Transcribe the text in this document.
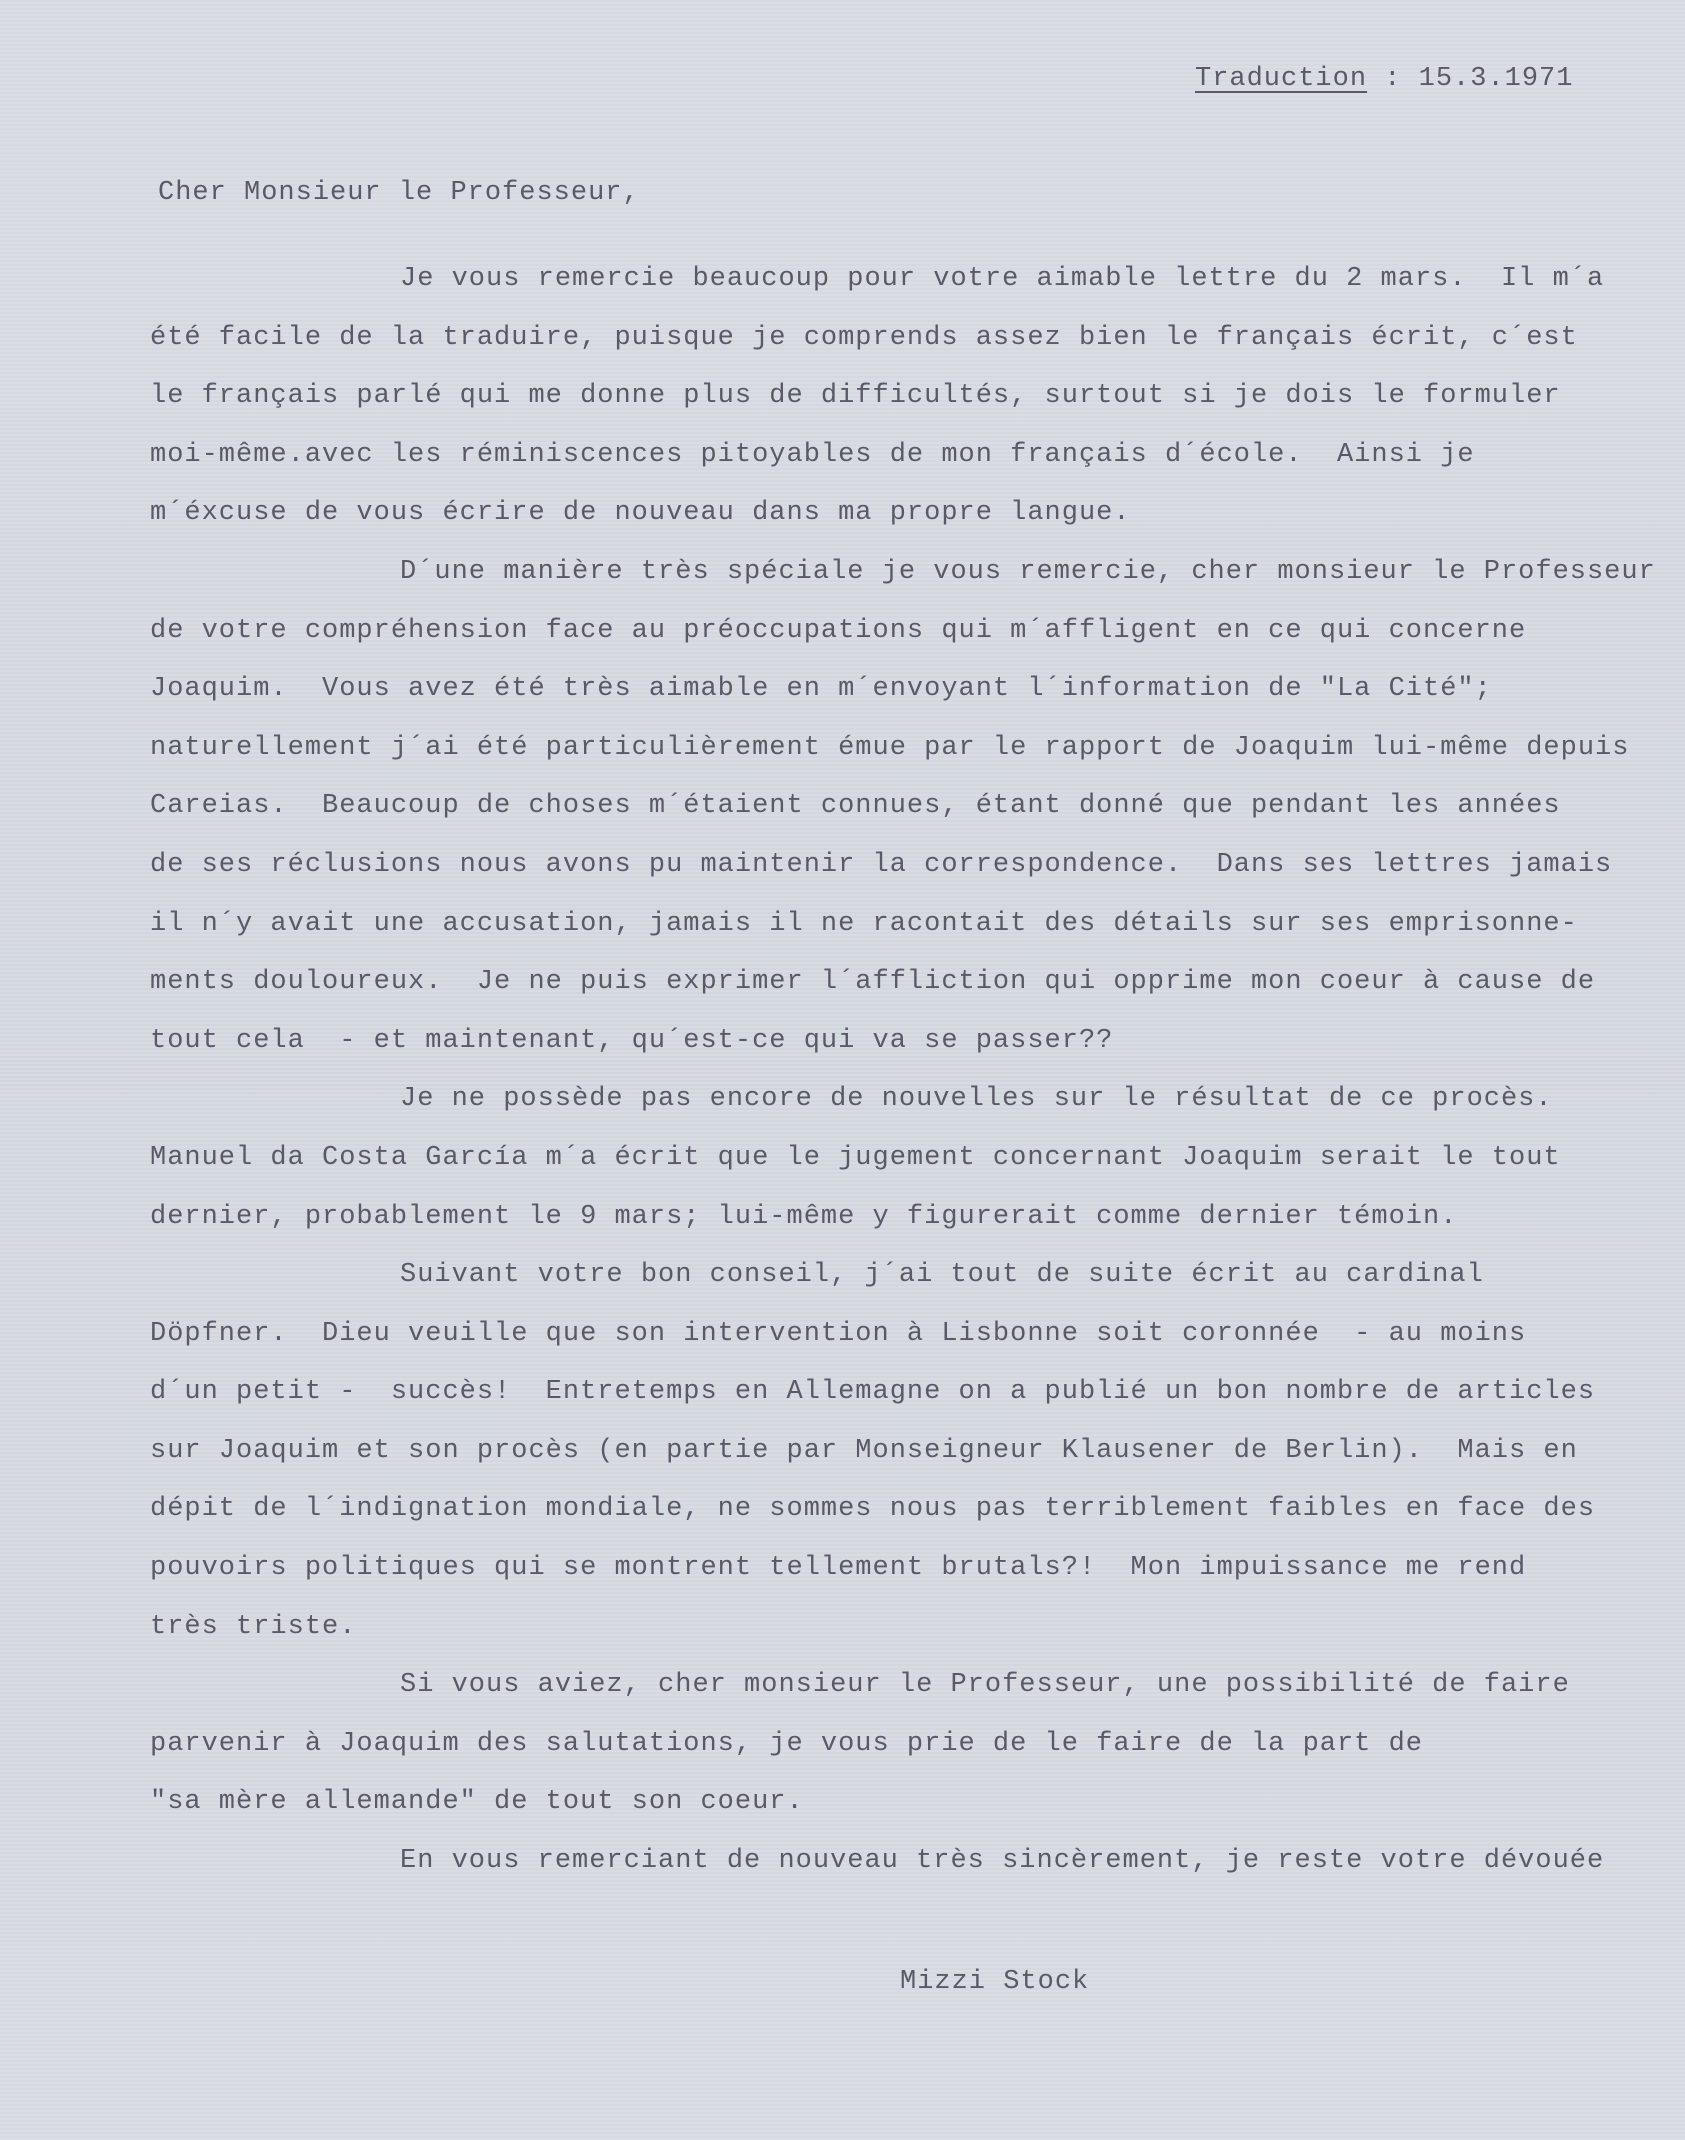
Traduction : 15.3.1971
Cher Monsieur le Professeur,
Je vous remercie beaucoup pour votre aimable lettre du 2 mars.  Il m´a
été facile de la traduire, puisque je comprends assez bien le français écrit, c´est
le français parlé qui me donne plus de difficultés, surtout si je dois le formuler
moi-même.avec les réminiscences pitoyables de mon français d´école.  Ainsi je
m´éxcuse de vous écrire de nouveau dans ma propre langue.
D´une manière très spéciale je vous remercie, cher monsieur le Professeur
de votre compréhension face au préoccupations qui m´affligent en ce qui concerne
Joaquim.  Vous avez été très aimable en m´envoyant l´information de "La Cité";
naturellement j´ai été particulièrement émue par le rapport de Joaquim lui-même depuis
Careias.  Beaucoup de choses m´étaient connues, étant donné que pendant les années
de ses réclusions nous avons pu maintenir la correspondence.  Dans ses lettres jamais
il n´y avait une accusation, jamais il ne racontait des détails sur ses emprisonne-
ments douloureux.  Je ne puis exprimer l´affliction qui opprime mon coeur à cause de
tout cela  - et maintenant, qu´est-ce qui va se passer??
Je ne possède pas encore de nouvelles sur le résultat de ce procès.
Manuel da Costa García m´a écrit que le jugement concernant Joaquim serait le tout
dernier, probablement le 9 mars; lui-même y figurerait comme dernier témoin.
Suivant votre bon conseil, j´ai tout de suite écrit au cardinal
Döpfner.  Dieu veuille que son intervention à Lisbonne soit coronnée  - au moins
d´un petit -  succès!  Entretemps en Allemagne on a publié un bon nombre de articles
sur Joaquim et son procès (en partie par Monseigneur Klausener de Berlin).  Mais en
dépit de l´indignation mondiale, ne sommes nous pas terriblement faibles en face des
pouvoirs politiques qui se montrent tellement brutals?!  Mon impuissance me rend
très triste.
Si vous aviez, cher monsieur le Professeur, une possibilité de faire
parvenir à Joaquim des salutations, je vous prie de le faire de la part de
"sa mère allemande" de tout son coeur.
En vous remerciant de nouveau très sincèrement, je reste votre dévouée
Mizzi Stock
